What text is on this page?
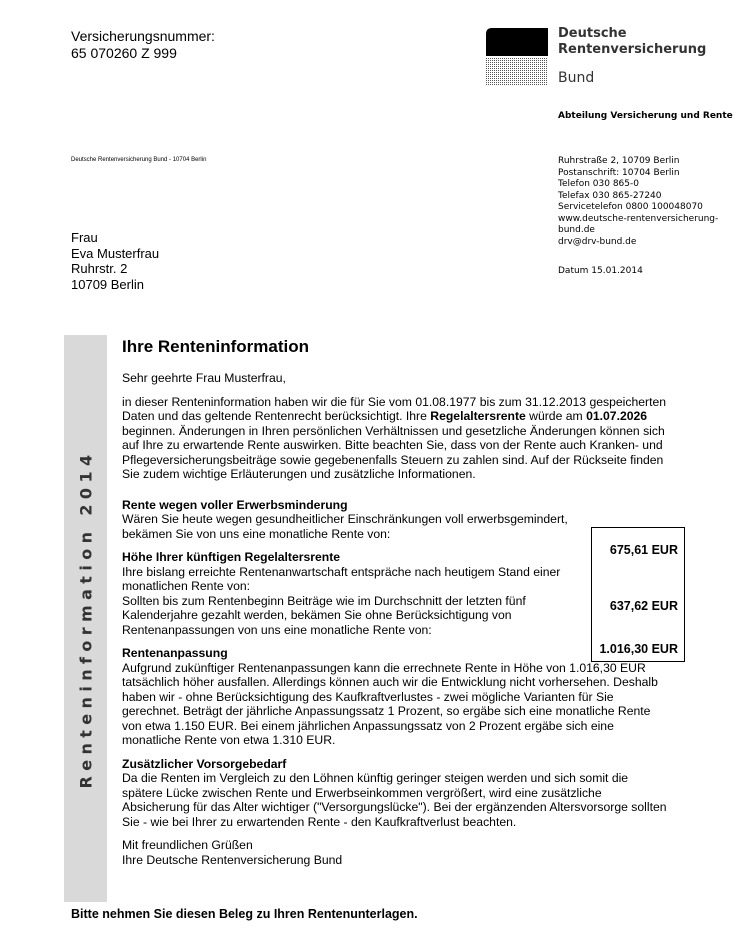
Versicherungsnummer:
65 070260 Z 999
Deutsche
Rentenversicherung
Bund
Abteilung Versicherung und Rente
Deutsche Rentenversicherung Bund - 10704 Berlin	Ruhrstraße 2, 10709 Berlin
Postanschrift: 10704 Berlin
Telefon 030 865-0
Telefax 030 865-27240
Servicetelefon 0800 100048070
www.deutsche-rentenversicherung-
bund.de
drv@drv-bund.de
Datum 15.01.2014
Frau
Eva Musterfrau
Ruhrstr. 2
10709 Berlin
Renteninformation 2014
Ihre Renteninformation
Sehr geehrte Frau Musterfrau,
in dieser Renteninformation haben wir die für Sie vom 01.08.1977 bis zum 31.12.2013 gespeicherten Daten und das geltende Rentenrecht berücksichtigt. Ihre Regelaltersrente würde am 01.07.2026 beginnen. Änderungen in Ihren persönlichen Verhältnissen und gesetzliche Änderungen können sich auf Ihre zu erwartende Rente auswirken. Bitte beachten Sie, dass von der Rente auch Kranken- und Pflegeversicherungsbeiträge sowie gegebenenfalls Steuern zu zahlen sind. Auf der Rückseite finden Sie zudem wichtige Erläuterungen und zusätzliche Informationen.
Rente wegen voller Erwerbsminderung
Wären Sie heute wegen gesundheitlicher Einschränkungen voll erwerbsgemindert, bekämen Sie von uns eine monatliche Rente von:
Höhe Ihrer künftigen Regelaltersrente
Ihre bislang erreichte Rentenanwartschaft entspräche nach heutigem Stand einer monatlichen Rente von:
Sollten bis zum Rentenbeginn Beiträge wie im Durchschnitt der letzten fünf Kalenderjahre gezahlt werden, bekämen Sie ohne Berücksichtigung von Rentenanpassungen von uns eine monatliche Rente von:
Rentenanpassung
Aufgrund zukünftiger Rentenanpassungen kann die errechnete Rente in Höhe von 1.016,30 EUR tatsächlich höher ausfallen. Allerdings können auch wir die Entwicklung nicht vorhersehen. Deshalb haben wir - ohne Berücksichtigung des Kaufkraftverlustes - zwei mögliche Varianten für Sie gerechnet. Beträgt der jährliche Anpassungssatz 1 Prozent, so ergäbe sich eine monatliche Rente von etwa 1.150 EUR. Bei einem jährlichen Anpassungssatz von 2 Prozent ergäbe sich eine monatliche Rente von etwa 1.310 EUR.
Zusätzlicher Vorsorgebedarf
Da die Renten im Vergleich zu den Löhnen künftig geringer steigen werden und sich somit die spätere Lücke zwischen Rente und Erwerbseinkommen vergrößert, wird eine zusätzliche Absicherung für das Alter wichtiger ("Versorgungslücke"). Bei der ergänzenden Altersvorsorge sollten Sie - wie bei Ihrer zu erwartenden Rente - den Kaufkraftverlust beachten.
Mit freundlichen Grüßen
Ihre Deutsche Rentenversicherung Bund
675,61 EUR
637,62 EUR
1.016,30 EUR
Bitte nehmen Sie diesen Beleg zu Ihren Rentenunterlagen.
